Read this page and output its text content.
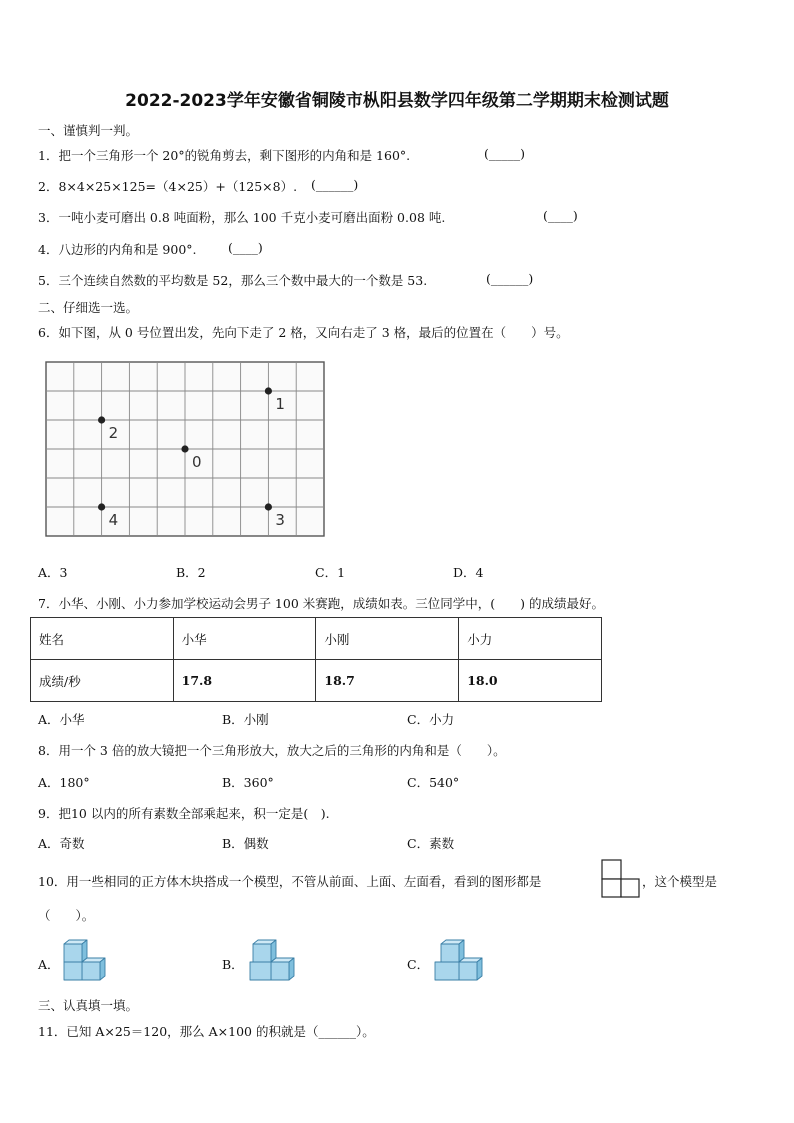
2022-2023学年安徽省铜陵市枞阳县数学四年级第二学期期末检测试题
一、谨慎判一判。
1．把一个三角形一个 20°的锐角剪去，剩下图形的内角和是 160°.	(_____)
2．8×4×25×125=（4×25）+（125×8）. (______)
3．一吨小麦可磨出 0.8 吨面粉，那么 100 千克小麦可磨出面粉 0.08 吨.	(____)
4．八边形的内角和是 900°.	(____)
5．三个连续自然数的平均数是 52，那么三个数中最大的一个数是 53.	(______)
二、仔细选一选。
6．如下图，从 0 号位置出发，先向下走了 2 格，又向右走了 3 格，最后的位置在（　　）号。
1
2
0
4	3
A．3	B．2	C．1	D．4
7．小华、小刚、小力参加学校运动会男子 100 米赛跑，成绩如表。三位同学中，(　　) 的成绩最好。
姓名	小华	小刚	小力
成绩/秒	17.8	18.7	18.0
A．小华	B．小刚	C．小力
8．用一个 3 倍的放大镜把一个三角形放大，放大之后的三角形的内角和是（　　）。
A．180°	B．360°	C．540°
9．把10 以内的所有素数全部乘起来，积一定是(　).
A．奇数	B．偶数	C．素数
10．用一些相同的正方体木块搭成一个模型，不管从前面、上面、左面看，看到的图形都是	，这个模型是
（　　）。
A．	B．	C．
三、认真填一填。
11．已知 A×25＝120，那么 A×100 的积就是（______）。
